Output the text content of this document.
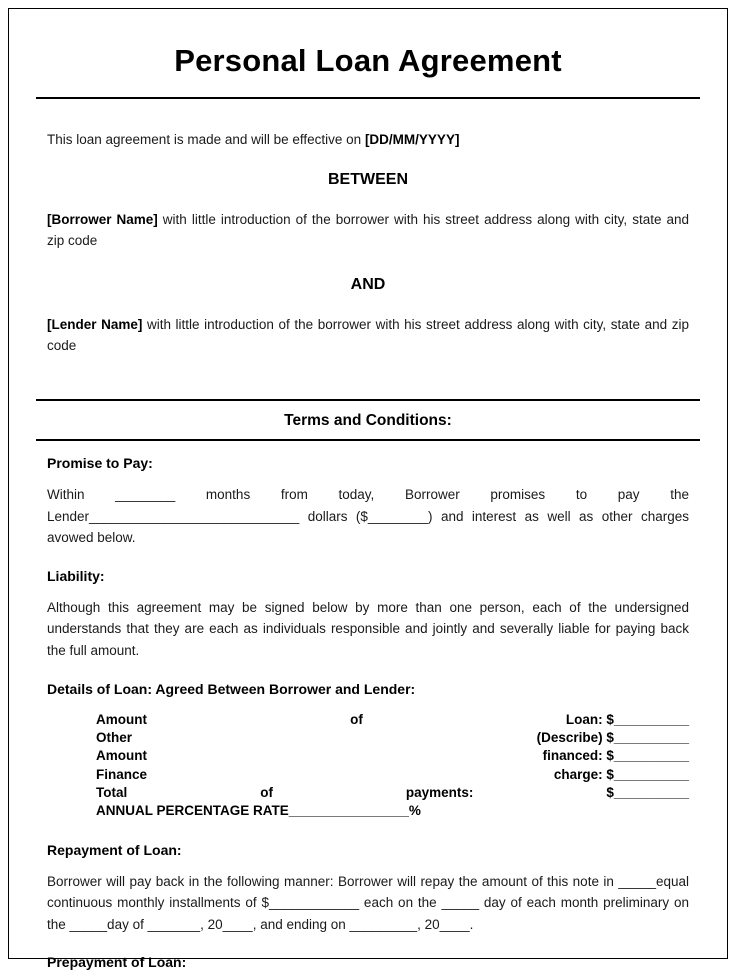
Personal Loan Agreement

This loan agreement is made and will be effective on [DD/MM/YYYY]

BETWEEN

[Borrower Name] with little introduction of the borrower with his street address along with city, state and zip code

AND

[Lender Name] with little introduction of the borrower with his street address along with city, state and zip code

Terms and Conditions:
Promise to Pay:

Within ________ months from today, Borrower promises to pay the Lender____________________________ dollars ($________) and interest as well as other charges avowed below.

Liability:

Although this agreement may be signed below by more than one person, each of the undersigned understands that they are each as individuals responsible and jointly and severally liable for paying back the full amount.

Details of Loan: Agreed Between Borrower and Lender:
Amount	of	Loan: $__________
Other	(Describe) $__________
Amount	financed: $__________
Finance	charge: $__________
Total	of	payments:	$__________
ANNUAL PERCENTAGE RATE________________%
Repayment of Loan:

Borrower will pay back in the following manner: Borrower will repay the amount of this note in _____equal continuous monthly installments of $____________ each on the _____ day of each month preliminary on the _____day of _______, 20____, and ending on _________, 20____.

Prepayment of Loan:
